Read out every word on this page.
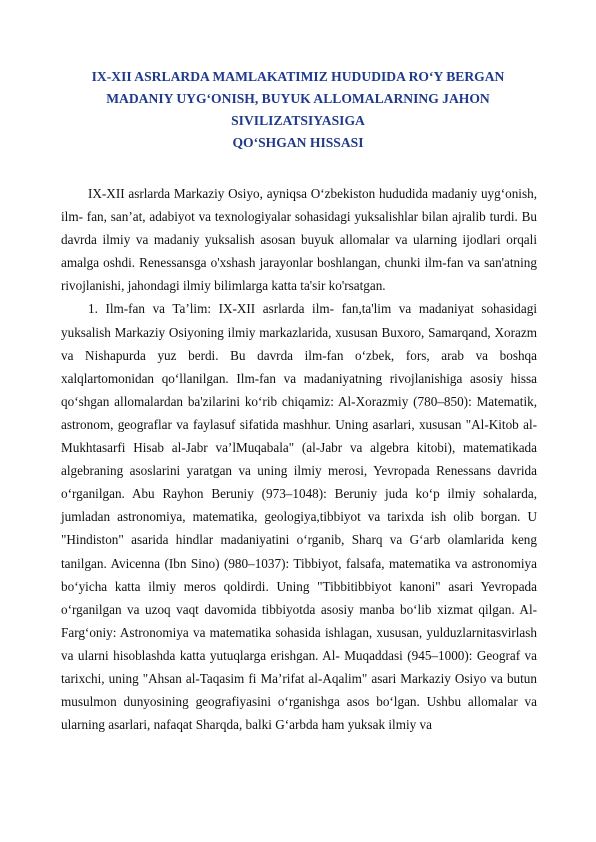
IX-XII ASRLARDA MAMLAKATIMIZ HUDUDIDA RO‘Y BERGAN
MADANIY UYG‘ONISH, BUYUK ALLOMALARNING JAHON
SIVILIZATSIYASIGA
QO‘SHGAN HISSASI

IX-XII asrlarda Markaziy Osiyo, ayniqsa O‘zbekiston hududida madaniy uyg‘onish, ilm- fan, san’at, adabiyot va texnologiyalar sohasidagi yuksalishlar bilan ajralib turdi. Bu davrda ilmiy va madaniy yuksalish asosan buyuk allomalar va ularning ijodlari orqali amalga oshdi. Renessansga o'xshash jarayonlar boshlangan, chunki ilm-fan va san'atning rivojlanishi, jahondagi ilmiy bilimlarga katta ta'sir ko'rsatgan.

1. Ilm-fan va Ta’lim: IX-XII asrlarda ilm- fan,ta'lim va madaniyat sohasidagi yuksalish Markaziy Osiyoning ilmiy markazlarida, xususan Buxoro, Samarqand, Xorazm va Nishapurda yuz berdi. Bu davrda ilm-fan o‘zbek, fors, arab va boshqa xalqlartomonidan qo‘llanilgan. Ilm-fan va madaniyatning rivojlanishiga asosiy hissa qo‘shgan allomalardan ba'zilarini ko‘rib chiqamiz: Al-Xorazmiy (780–850): Matematik, astronom, geograflar va faylasuf sifatida mashhur. Uning asarlari, xususan "Al-Kitob al- Mukhtasarfi Hisab al-Jabr va’lMuqabala" (al-Jabr va algebra kitobi), matematikada algebraning asoslarini yaratgan va uning ilmiy merosi, Yevropada Renessans davrida o‘rganilgan. Abu Rayhon Beruniy (973–1048): Beruniy juda ko‘p ilmiy sohalarda, jumladan astronomiya, matematika, geologiya,tibbiyot va tarixda ish olib borgan. U "Hindiston" asarida hindlar madaniyatini o‘rganib, Sharq va G‘arb olamlarida keng tanilgan. Avicenna (Ibn Sino) (980–1037): Tibbiyot, falsafa, matematika va astronomiya bo‘yicha katta ilmiy meros qoldirdi. Uning "Tibbitibbiyot kanoni" asari Yevropada o‘rganilgan va uzoq vaqt davomida tibbiyotda asosiy manba bo‘lib xizmat qilgan. Al-Farg‘oniy: Astronomiya va matematika sohasida ishlagan, xususan, yulduzlarnitasvirlash va ularni hisoblashda katta yutuqlarga erishgan. Al- Muqaddasi (945–1000): Geograf va tarixchi, uning "Ahsan al-Taqasim fi Ma’rifat al-Aqalim" asari Markaziy Osiyo va butun musulmon dunyosining geografiyasini o‘rganishga asos bo‘lgan. Ushbu allomalar va ularning asarlari, nafaqat Sharqda, balki G‘arbda ham yuksak ilmiy va
